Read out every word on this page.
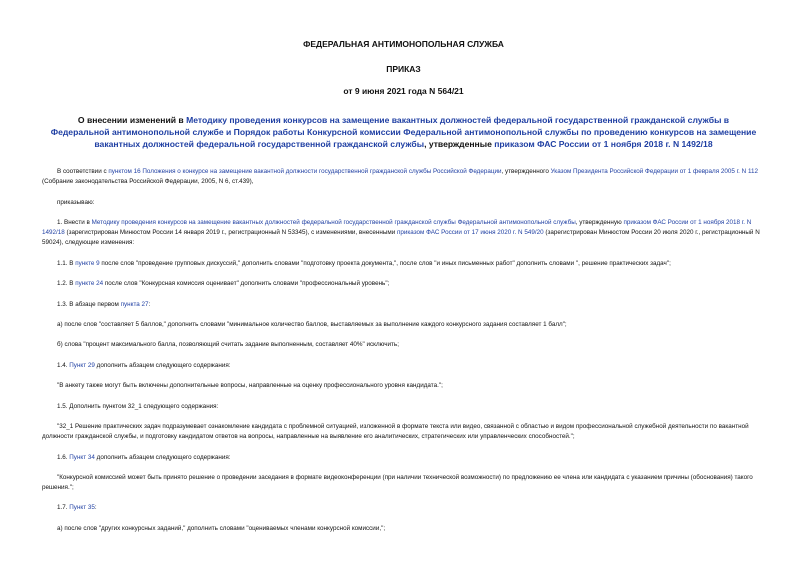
ФЕДЕРАЛЬНАЯ АНТИМОНОПОЛЬНАЯ СЛУЖБА
ПРИКАЗ
от 9 июня 2021 года N 564/21
О внесении изменений в Методику проведения конкурсов на замещение вакантных должностей федеральной государственной гражданской службы в Федеральной антимонопольной службе и Порядок работы Конкурсной комиссии Федеральной антимонопольной службы по проведению конкурсов на замещение вакантных должностей федеральной государственной гражданской службы, утвержденные приказом ФАС России от 1 ноября 2018 г. N 1492/18

В соответствии с пунктом 16 Положения о конкурсе на замещение вакантной должности государственной гражданской службы Российской Федерации, утвержденного Указом Президента Российской Федерации от 1 февраля 2005 г. N 112 (Собрание законодательства Российской Федерации, 2005, N 6, ст.439),

приказываю:

1. Внести в Методику проведения конкурсов на замещение вакантных должностей федеральной государственной гражданской службы Федеральной антимонопольной службы, утвержденную приказом ФАС России от 1 ноября 2018 г. N 1492/18 (зарегистрирован Минюстом России 14 января 2019 г., регистрационный N 53345), с изменениями, внесенными приказом ФАС России от 17 июня 2020 г. N 549/20 (зарегистрирован Минюстом России 20 июля 2020 г., регистрационный N 59024), следующие изменения:

1.1. В пункте 9 после слов "проведение групповых дискуссий," дополнить словами "подготовку проекта документа,", после слов "и иных письменных работ" дополнить словами ", решение практических задач";

1.2. В пункте 24 после слов "Конкурсная комиссия оценивает" дополнить словами "профессиональный уровень";

1.3. В абзаце первом пункта 27:

а) после слов "составляет 5 баллов," дополнить словами "минимальное количество баллов, выставляемых за выполнение каждого конкурсного задания составляет 1 балл";

б) слова "процент максимального балла, позволяющий считать задание выполненным, составляет 40%" исключить;

1.4. Пункт 29 дополнить абзацем следующего содержания:

"В анкету также могут быть включены дополнительные вопросы, направленные на оценку профессионального уровня кандидата.";

1.5. Дополнить пунктом 32_1 следующего содержания:

"32_1 Решение практических задач подразумевает ознакомление кандидата с проблемной ситуацией, изложенной в формате текста или видео, связанной с областью и видом профессиональной служебной деятельности по вакантной должности гражданской службы, и подготовку кандидатом ответов на вопросы, направленные на выявление его аналитических, стратегических или управленческих способностей.";

1.6. Пункт 34 дополнить абзацем следующего содержания:

"Конкурсной комиссией может быть принято решение о проведении заседания в формате видеоконференции (при наличии технической возможности) по предложению ее члена или кандидата с указанием причины (обоснования) такого решения.";

1.7. Пункт 35:

а) после слов "других конкурсных заданий," дополнить словами "оцениваемых членами конкурсной комиссии,";
